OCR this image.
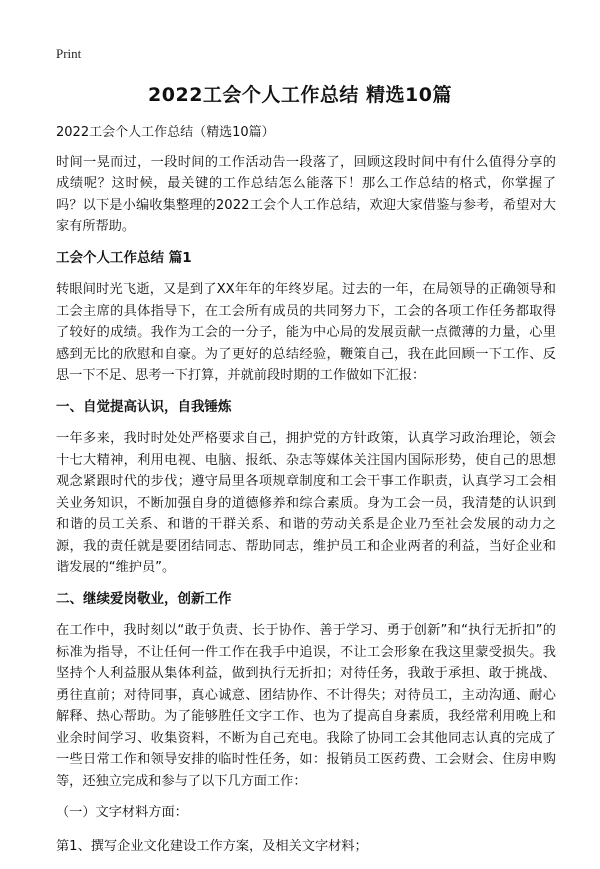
Print
2022工会个人工作总结 精选10篇

2022工会个人工作总结（精选10篇）

时间一晃而过，一段时间的工作活动告一段落了，回顾这段时间中有什么值得分享的成绩呢？这时候，最关键的工作总结怎么能落下！那么工作总结的格式，你掌握了吗？以下是小编收集整理的2022工会个人工作总结，欢迎大家借鉴与参考，希望对大家有所帮助。

工会个人工作总结 篇1

转眼间时光飞逝，又是到了XX年年的年终岁尾。过去的一年，在局领导的正确领导和工会主席的具体指导下，在工会所有成员的共同努力下，工会的各项工作任务都取得了较好的成绩。我作为工会的一分子，能为中心局的发展贡献一点微薄的力量，心里感到无比的欣慰和自豪。为了更好的总结经验，鞭策自己，我在此回顾一下工作、反思一下不足、思考一下打算，并就前段时期的工作做如下汇报：

一、自觉提高认识，自我锤炼

一年多来，我时时处处严格要求自己，拥护党的方针政策，认真学习政治理论，领会十七大精神，利用电视、电脑、报纸、杂志等媒体关注国内国际形势，使自己的思想观念紧跟时代的步伐；遵守局里各项规章制度和工会干事工作职责，认真学习工会相关业务知识，不断加强自身的道德修养和综合素质。身为工会一员，我清楚的认识到和谐的员工关系、和谐的干群关系、和谐的劳动关系是企业乃至社会发展的动力之源，我的责任就是要团结同志、帮助同志，维护员工和企业两者的利益，当好企业和谐发展的“维护员”。

二、继续爱岗敬业，创新工作

在工作中，我时刻以“敢于负责、长于协作、善于学习、勇于创新”和“执行无折扣”的标准为指导，不让任何一件工作在我手中追误，不让工会形象在我这里蒙受损失。我坚持个人利益服从集体利益，做到执行无折扣；对待任务，我敢于承担、敢于挑战、勇往直前；对待同事，真心诚意、团结协作、不计得失；对待员工，主动沟通、耐心解释、热心帮助。为了能够胜任文字工作、也为了提高自身素质，我经常利用晚上和业余时间学习、收集资料，不断为自己充电。我除了协同工会其他同志认真的完成了一些日常工作和领导安排的临时性任务，如：报销员工医药费、工会财会、住房申购等，还独立完成和参与了以下几方面工作：

（一）文字材料方面：

第1、撰写企业文化建设工作方案，及相关文字材料；
